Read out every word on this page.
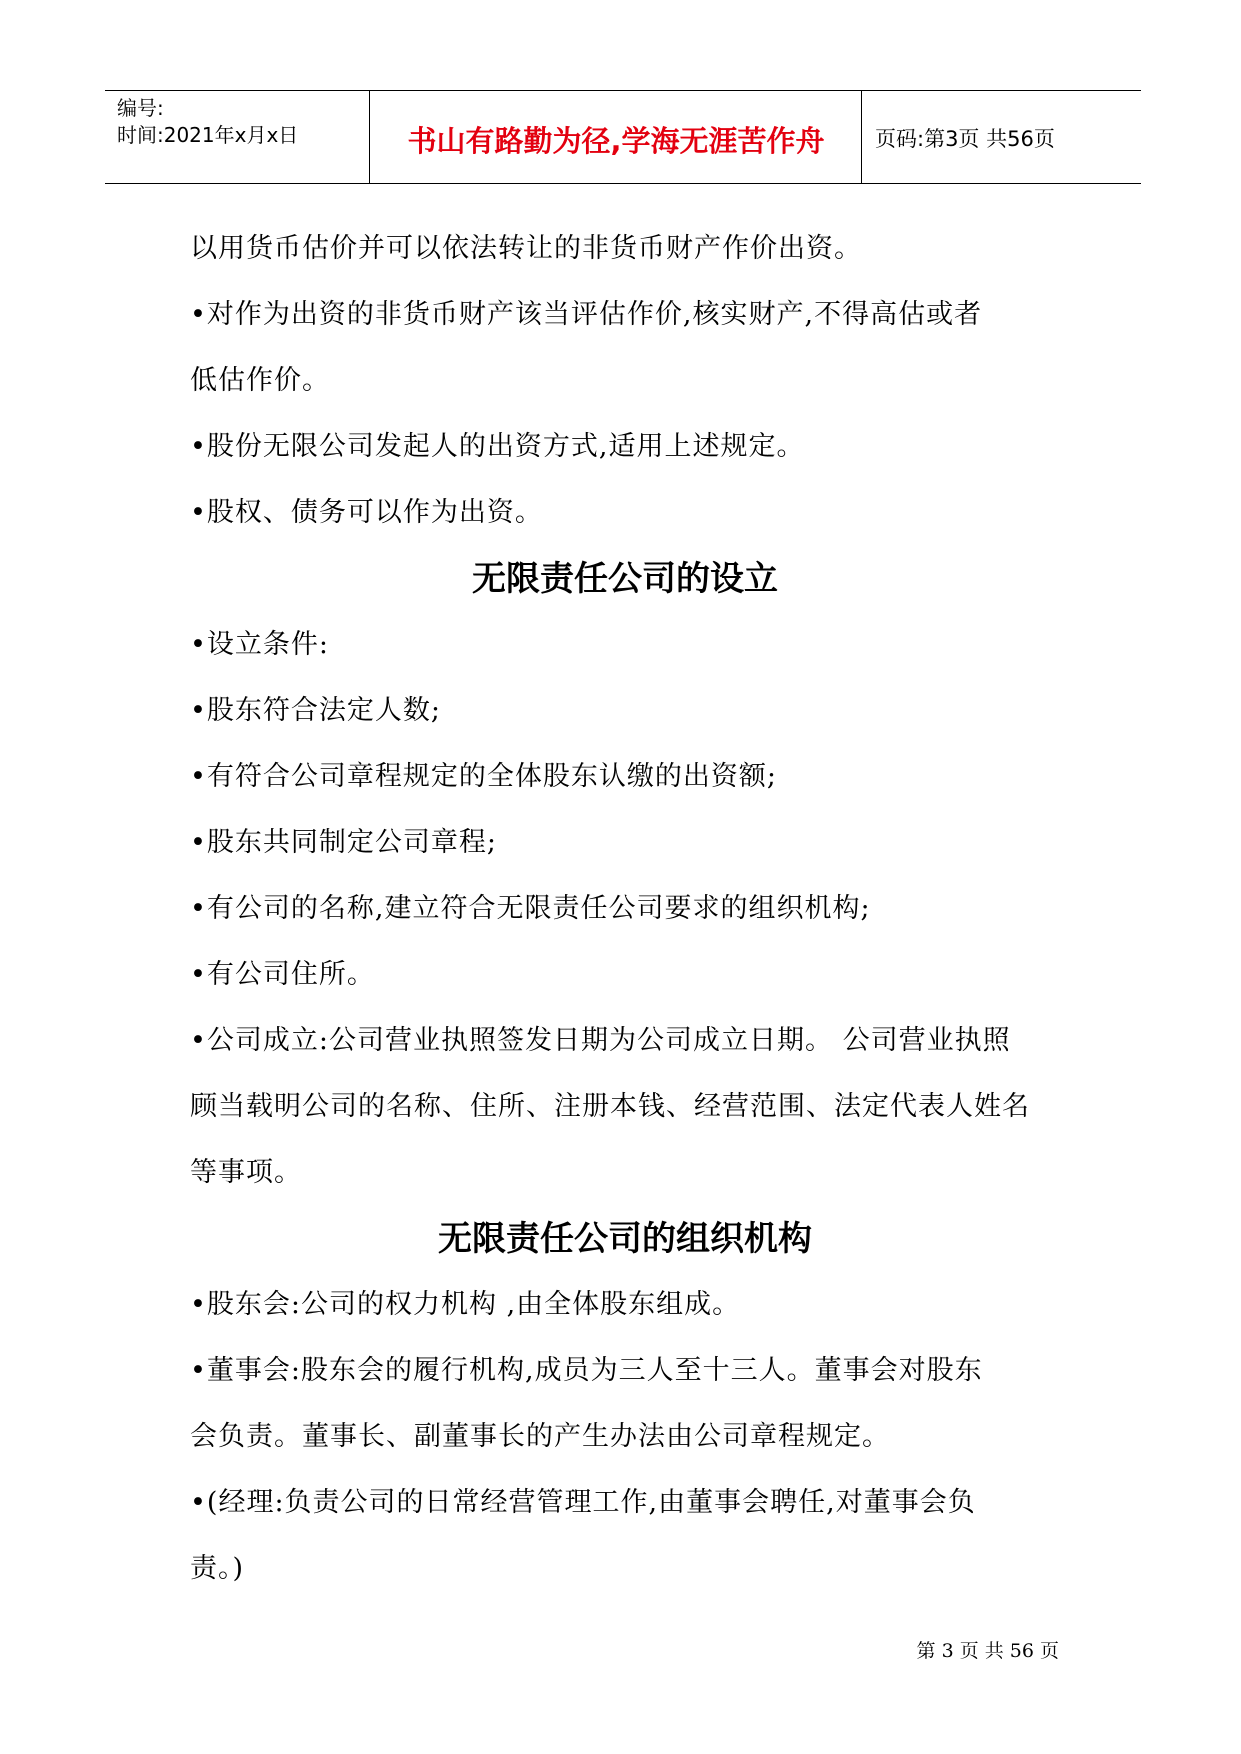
编号:
时间:2021年x月x日	书山有路勤为径,学海无涯苦作舟	页码:第3页 共56页

以用货币估价并可以依法转让的非货币财产作价出资。

•对作为出资的非货币财产该当评估作价,核实财产,不得高估或者

低估作价。

•股份无限公司发起人的出资方式,适用上述规定。

•股权、债务可以作为出资。

无限责任公司的设立

•设立条件:

•股东符合法定人数;

•有符合公司章程规定的全体股东认缴的出资额;

•股东共同制定公司章程;

•有公司的名称,建立符合无限责任公司要求的组织机构;

•有公司住所。

•公司成立:公司营业执照签发日期为公司成立日期。 公司营业执照

顾当载明公司的名称、住所、注册本钱、经营范围、法定代表人姓名

等事项。

无限责任公司的组织机构

•股东会:公司的权力机构 ,由全体股东组成。

•董事会:股东会的履行机构,成员为三人至十三人。董事会对股东

会负责。董事长、副董事长的产生办法由公司章程规定。

•(经理:负责公司的日常经营管理工作,由董事会聘任,对董事会负

责。)

第 3 页 共 56 页
